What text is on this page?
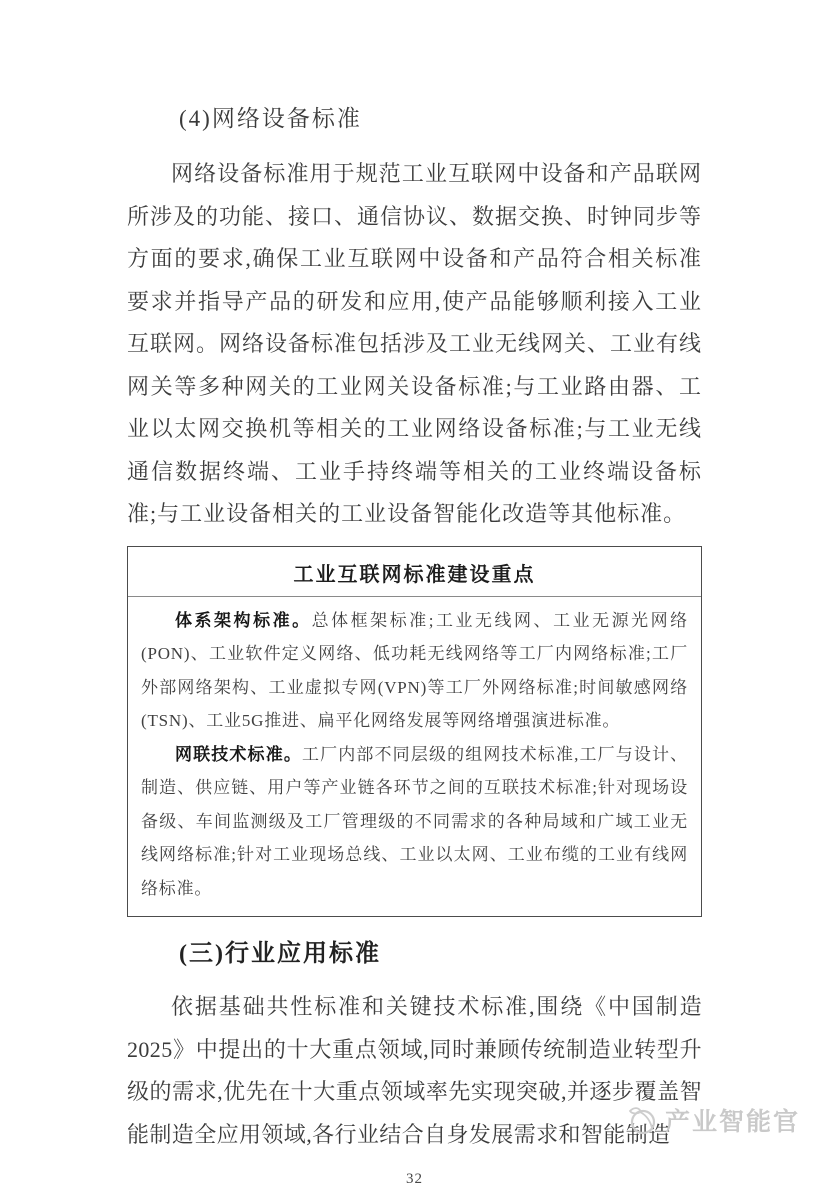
(4)网络设备标准

网络设备标准用于规范工业互联网中设备和产品联网所涉及的功能、接口、通信协议、数据交换、时钟同步等方面的要求,确保工业互联网中设备和产品符合相关标准要求并指导产品的研发和应用,使产品能够顺利接入工业互联网。网络设备标准包括涉及工业无线网关、工业有线网关等多种网关的工业网关设备标准;与工业路由器、工业以太网交换机等相关的工业网络设备标准;与工业无线通信数据终端、工业手持终端等相关的工业终端设备标准;与工业设备相关的工业设备智能化改造等其他标准。

工业互联网标准建设重点

体系架构标准。总体框架标准;工业无线网、工业无源光网络(PON)、工业软件定义网络、低功耗无线网络等工厂内网络标准;工厂外部网络架构、工业虚拟专网(VPN)等工厂外网络标准;时间敏感网络(TSN)、工业5G推进、扁平化网络发展等网络增强演进标准。

网联技术标准。工厂内部不同层级的组网技术标准,工厂与设计、制造、供应链、用户等产业链各环节之间的互联技术标准;针对现场设备级、车间监测级及工厂管理级的不同需求的各种局域和广域工业无线网络标准;针对工业现场总线、工业以太网、工业布缆的工业有线网络标准。

(三)行业应用标准

依据基础共性标准和关键技术标准,围绕《中国制造2025》中提出的十大重点领域,同时兼顾传统制造业转型升级的需求,优先在十大重点领域率先实现突破,并逐步覆盖智能制造全应用领域,各行业结合自身发展需求和智能制造

32
产业智能官
